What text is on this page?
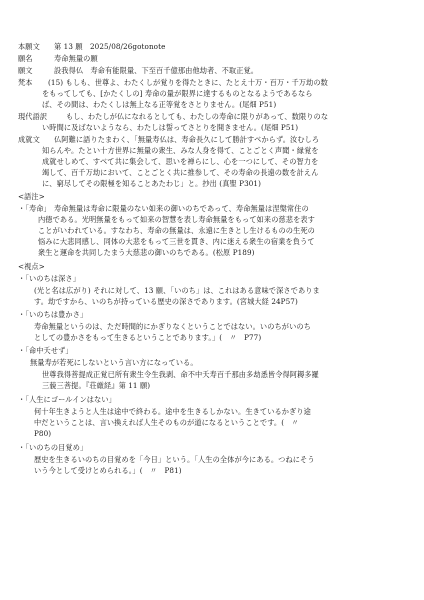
本願文 第 13 願　2025/08/26gotonote
願名	寿命無量の願
願文	設我得仏　寿命有能限量、下至百千億那由他劫者、不取正覚。
梵本 (15) もしも、世尊よ、わたくしが覚りを得たときに、たとえ十万・百万・千万劫の数
をもってしても、[かたくしの] 寿命の量が限界に達するものとなるようであるなら
ば、その間は、わたくしは無上なる正等覚をさとりません。(尾畑 P51)
現代語訳	もし、わたしが仏になれるとしても、わたしの寿命に限りがあって、数限りのな
い時間に及ばないようなら、わたしは誓ってさとりを開きません。(尾畑 P51)
成就文 仏阿難に語りたまわく、「無量寿仏は、寿命長久にして勝計すべからず。汝むしろ
知らんや。たとい十方世界に無量の衆生、みな人身を得て、ことごとく声聞・縁覚を
成就せしめて、すべて共に集会して、思いを禅らにし、心を一つにして、その智力を
竭して、百千万劫において、ことごとく共に推参して、その寿命の長遠の数を計えん
に、窮尽してその限極を知ることあたわじ」と。抄出 (真聖 P301)
<語注>
・「寿命」 寿命無量は寿命に限量のない如来の御いのちであって、寿命無量は涅槃常住の
内徳である。光明無量をもって如来の智慧を表し寿命無量をもって如来の慈悲を表す
ことがいわれている。すなわち、寿命の無量は、永遠に生きとし生けるものの生死の
悩みに大悲同感し、同体の大悲をもって三世を貫き、内に迷える衆生の宿業を負うて
衆生と運命を共同したまう大慈悲の御いのちである。(松原 P189)
<視点>
・「いのちは深さ」
(光と名は広がり) それに対して、13 願、「いのち」は、これはある意味で深さでありま
す。劫ですから、いのちが持っている歴史の深さであります。(宮城大経 24P57)
・「いのちは豊かさ」
寿命無量というのは、ただ時間的にかぎりなくということではない。いのちがいのち
としての豊かさをもって生きるということであります。」(　〃　P77)
・「命中夭せず」
無量寿が若死にしないという言い方になっている。
世尊我得菩提成正覚已所有衆生令生我剥、命不中夭寿百千那由多劫悉皆令得阿耨多羅
三藐三菩提。『荘厳経』第 11 願)
・「人生にゴールインはない」
何十年生きようと人生は途中で終わる。途中を生きるしかない。生きているかぎり途
中だということは、言い換えれば人生そのものが道になるということです。(　〃
P80)
・「いのちの目覚め」
歴史を生きるいのちの目覚めを「今日」という。「人生の全体が今にある。つねにそう
いう今として受けとめられる。」(　〃　P81)
